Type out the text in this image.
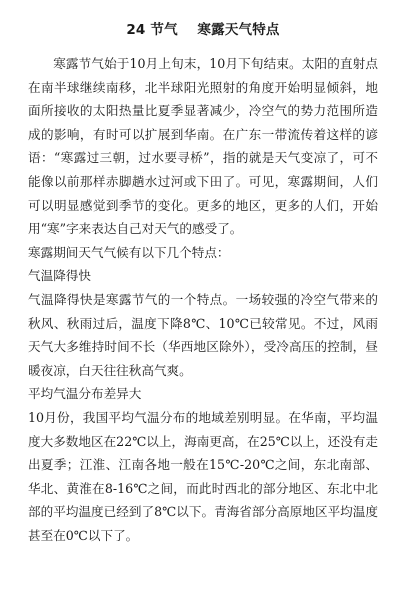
24 节气    寒露天气特点

寒露节气始于10月上旬末，10月下旬结束。太阳的直射点在南半球继续南移，北半球阳光照射的角度开始明显倾斜，地面所接收的太阳热量比夏季显著减少，冷空气的势力范围所造成的影响，有时可以扩展到华南。在广东一带流传着这样的谚语：“寒露过三朝，过水要寻桥”，指的就是天气变凉了，可不能像以前那样赤脚趟水过河或下田了。可见，寒露期间，人们可以明显感觉到季节的变化。更多的地区，更多的人们，开始用“寒”字来表达自己对天气的感受了。

寒露期间天气气候有以下几个特点：

气温降得快

气温降得快是寒露节气的一个特点。一场较强的冷空气带来的秋风、秋雨过后，温度下降8℃、10℃已较常见。不过，风雨天气大多维持时间不长（华西地区除外），受冷高压的控制，昼暖夜凉，白天往往秋高气爽。

平均气温分布差异大

10月份，我国平均气温分布的地域差别明显。在华南，平均温度大多数地区在22℃以上，海南更高，在25℃以上，还没有走出夏季；江淮、江南各地一般在15℃-20℃之间，东北南部、华北、黄淮在8-16℃之间，而此时西北的部分地区、东北中北部的平均温度已经到了8℃以下。青海省部分高原地区平均温度甚至在0℃以下了。
